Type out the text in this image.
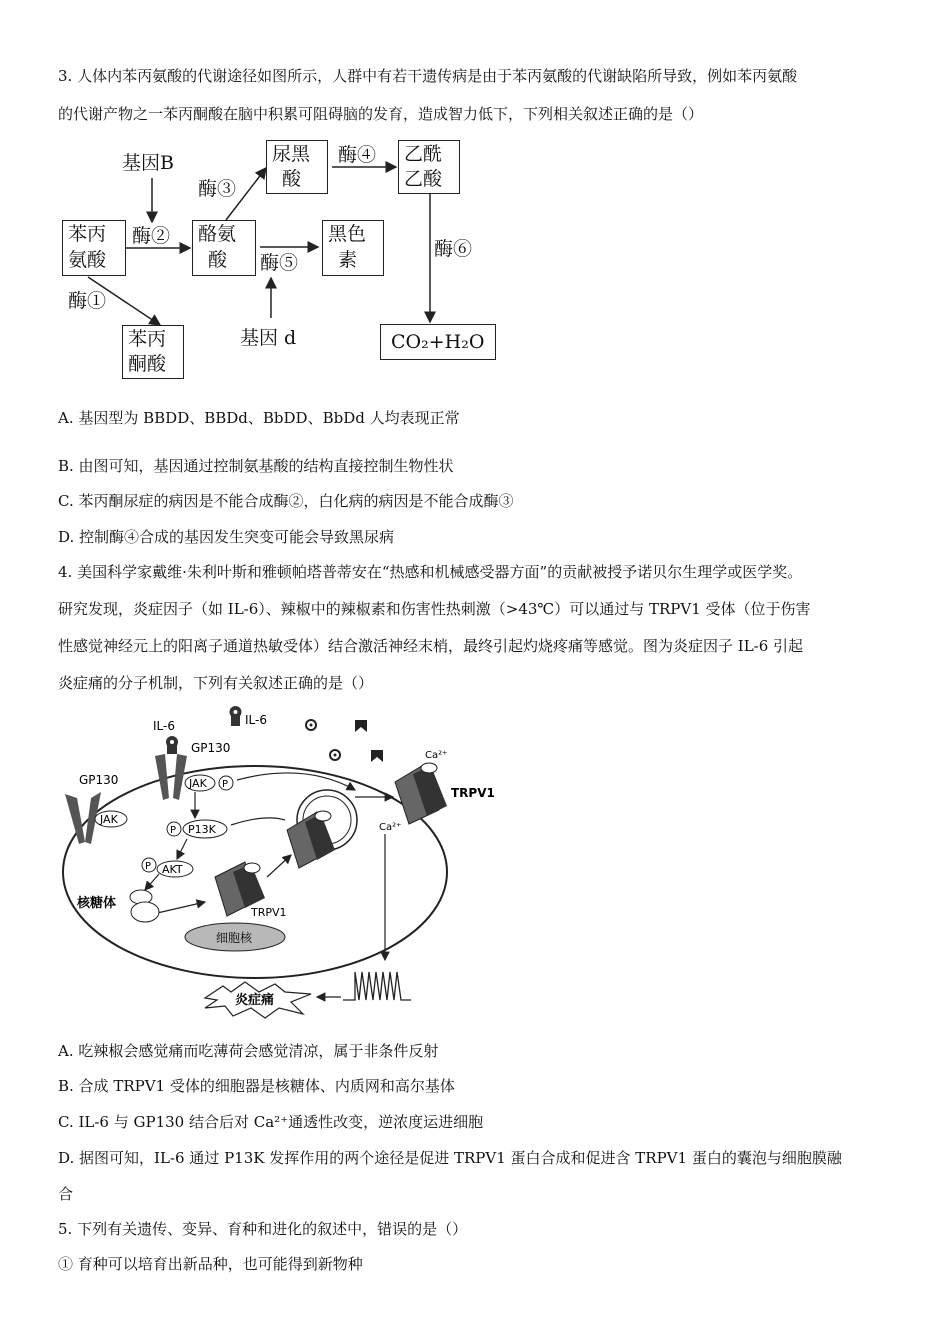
3. 人体内苯丙氨酸的代谢途径如图所示，人群中有若干遗传病是由于苯丙氨酸的代谢缺陷所导致，例如苯丙氨酸
的代谢产物之一苯丙酮酸在脑中积累可阻碍脑的发育，造成智力低下，下列相关叙述正确的是（）
基因B
基因 d
苯丙
氨酸
酪氨
酸
尿黑
酸
乙酰
乙酸
黑色
素
苯丙
酮酸
CO₂+H₂O
酶①
酶②
酶③
酶④
酶⑤
酶⑥
A. 基因型为 BBDD、BBDd、BbDD、BbDd 人均表现正常
B. 由图可知，基因通过控制氨基酸的结构直接控制生物性状
C. 苯丙酮尿症的病因是不能合成酶②，白化病的病因是不能合成酶③
D. 控制酶④合成的基因发生突变可能会导致黑尿病
4. 美国科学家戴维·朱利叶斯和雅顿帕塔普蒂安在“热感和机械感受器方面”的贡献被授予诺贝尔生理学或医学奖。
研究发现，炎症因子（如 IL-6）、辣椒中的辣椒素和伤害性热刺激（>43℃）可以通过与 TRPV1 受体（位于伤害
性感觉神经元上的阳离子通道热敏受体）结合激活神经末梢，最终引起灼烧疼痛等感觉。图为炎症因子 IL-6 引起
炎症痛的分子机制，下列有关叙述正确的是（）
IL-6
GP130
JAK
IL-6
GP130
JAK P
P P13K
P AKT
核糖体
TRPV1
细胞核
Ca²⁺
TRPV1
Ca²⁺
炎症痛
A. 吃辣椒会感觉痛而吃薄荷会感觉清凉，属于非条件反射
B. 合成 TRPV1 受体的细胞器是核糖体、内质网和高尔基体
C. IL-6 与 GP130 结合后对 Ca²⁺通透性改变，逆浓度运进细胞
D. 据图可知，IL-6 通过 P13K 发挥作用的两个途径是促进 TRPV1 蛋白合成和促进含 TRPV1 蛋白的囊泡与细胞膜融
合
5. 下列有关遗传、变异、育种和进化的叙述中，错误的是（）
① 育种可以培育出新品种，也可能得到新物种
